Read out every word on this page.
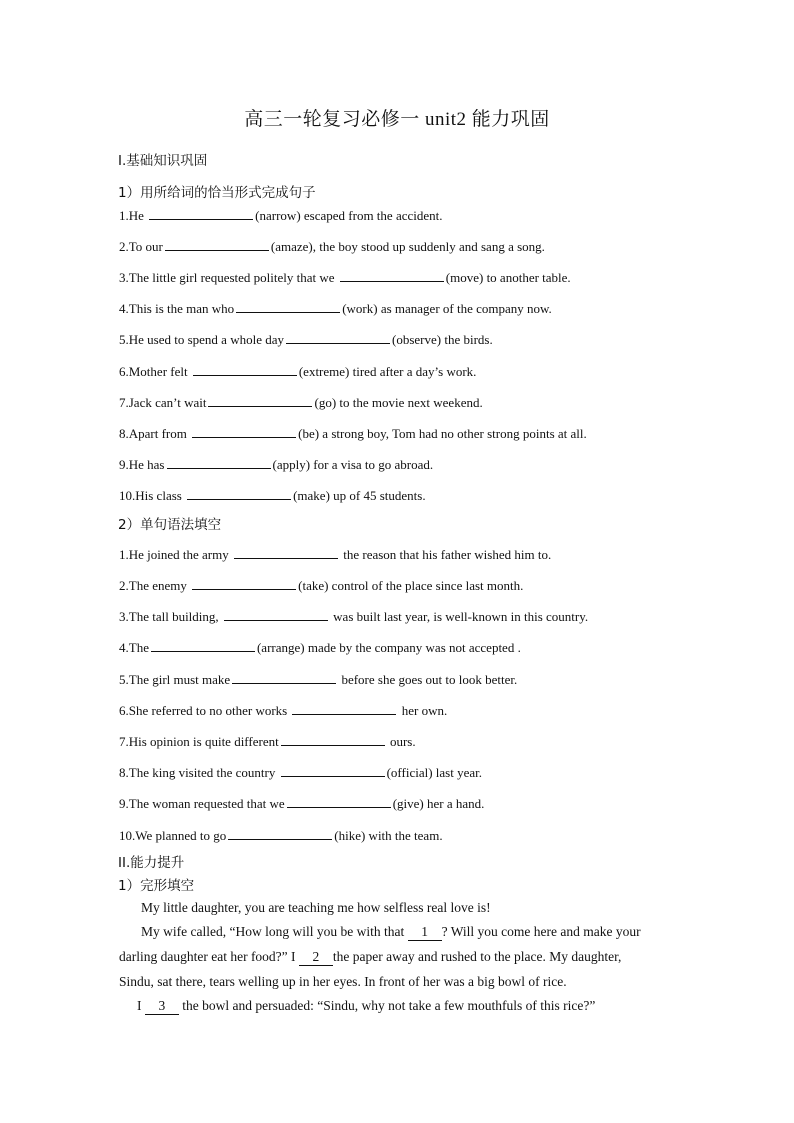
高三一轮复习必修一 unit2 能力巩固
Ⅰ.基础知识巩固
1）用所给词的恰当形式完成句子
1.He	(narrow) escaped from the accident.
2.To our	(amaze), the boy stood up suddenly and sang a song.
3.The little girl requested politely that we	(move) to another table.
4.This is the man who	(work) as manager of the company now.
5.He used to spend a whole day	(observe) the birds.
6.Mother felt	(extreme) tired after a day’s work.
7.Jack can’t wait	(go) to the movie next weekend.
8.Apart from	(be) a strong boy, Tom had no other strong points at all.
9.He has	(apply) for a visa to go abroad.
10.His class	(make) up of 45 students.
2）单句语法填空
1.He joined the army	the reason that his father wished him to.
2.The enemy	(take) control of the place since last month.
3.The tall building,	was built last year, is well-known in this country.
4.The	(arrange) made by the company was not accepted .
5.The girl must make	before she goes out to look better.
6.She referred to no other works	her own.
7.His opinion is quite different	ours.
8.The king visited the country	(official) last year.
9.The woman requested that we	(give) her a hand.
10.We planned to go	(hike) with the team.
II.能力提升
1）完形填空
My little daughter, you are teaching me how selfless real love is!
My wife called, “How long will you be with that 1 ? Will you come here and make your
darling daughter eat her food?” I 2 the paper away and rushed to the place. My daughter,
Sindu, sat there, tears welling up in her eyes. In front of her was a big bowl of rice.
I 3 the bowl and persuaded: “Sindu, why not take a few mouthfuls of this rice?”
